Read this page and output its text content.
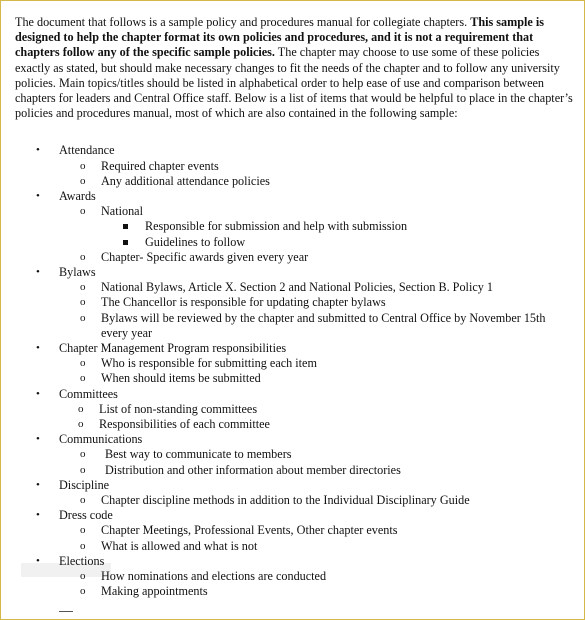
The document that follows is a sample policy and procedures manual for collegiate chapters. This sample is designed to help the chapter format its own policies and procedures, and it is not a requirement that chapters follow any of the specific sample policies. The chapter may choose to use some of these policies exactly as stated, but should make necessary changes to fit the needs of the chapter and to follow any university policies. Main topics/titles should be listed in alphabetical order to help ease of use and comparison between chapters for leaders and Central Office staff. Below is a list of items that would be helpful to place in the chapter’s policies and procedures manual, most of which are also contained in the following sample:

• Attendance
o Required chapter events
o Any additional attendance policies
• Awards
o National
Responsible for submission and help with submission
Guidelines to follow
o Chapter- Specific awards given every year
• Bylaws
o National Bylaws, Article X. Section 2 and National Policies, Section B. Policy 1
o The Chancellor is responsible for updating chapter bylaws
o Bylaws will be reviewed by the chapter and submitted to Central Office by November 15th every year
• Chapter Management Program responsibilities
o Who is responsible for submitting each item
o When should items be submitted
• Committees
o List of non-standing committees
o Responsibilities of each committee
• Communications
o Best way to communicate to members
o Distribution and other information about member directories
• Discipline
o Chapter discipline methods in addition to the Individual Disciplinary Guide
• Dress code
o Chapter Meetings, Professional Events, Other chapter events
o What is allowed and what is not
• Elections
o How nominations and elections are conducted
o Making appointments
